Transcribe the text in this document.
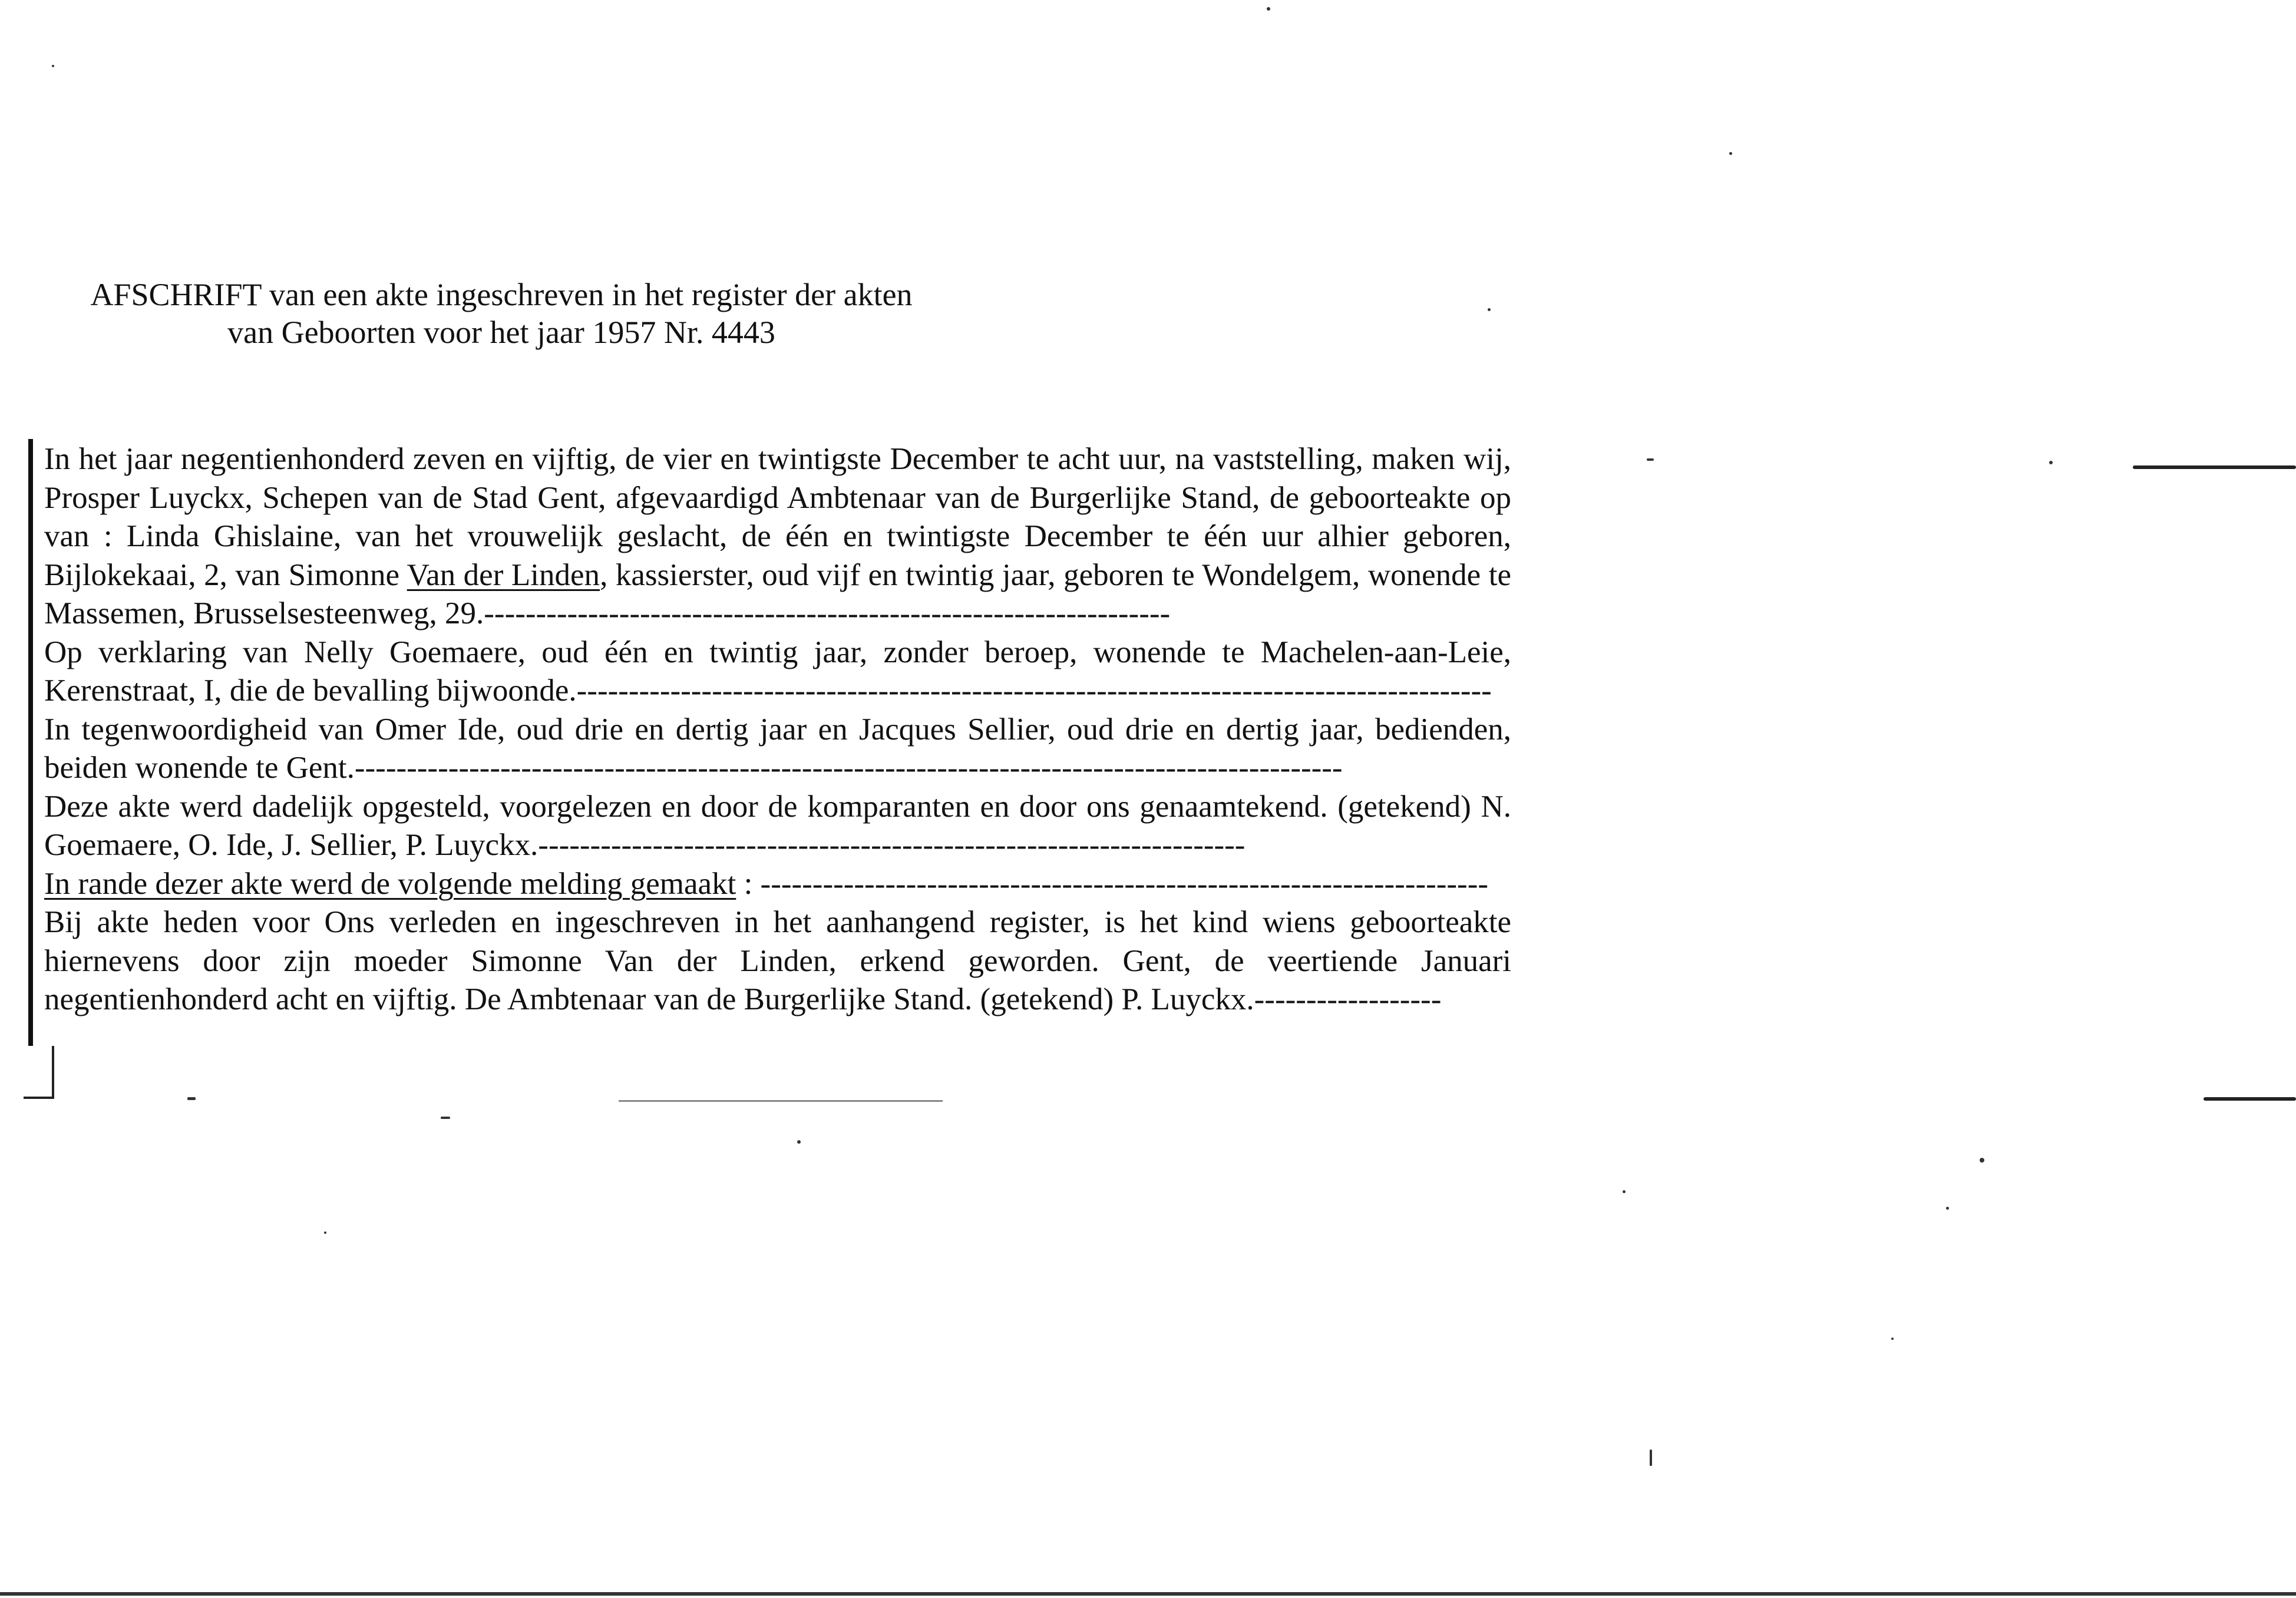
AFSCHRIFT van een akte ingeschreven in het register der akten
van Geboorten voor het jaar 1957 Nr. 4443

In het jaar negentienhonderd zeven en vijftig, de vier en twintigste December te acht uur, na vaststelling, maken wij, Prosper Luyckx, Schepen van de Stad Gent, afgevaardigd Ambtenaar van de Burgerlijke Stand, de geboorteakte op van : Linda Ghislaine, van het vrouwelijk geslacht, de één en twintigste December te één uur alhier geboren, Bijlokekaai, 2, van Simonne Van der Linden, kassierster, oud vijf en twintig jaar, geboren te Wondelgem, wonende te Massemen, Brusselsesteenweg, 29.------------------------------------------------------------------

Op verklaring van Nelly Goemaere, oud één en twintig jaar, zonder beroep, wonende te Machelen-aan-Leie, Kerenstraat, I, die de bevalling bijwoonde.----------------------------------------------------------------------------------------

In tegenwoordigheid van Omer Ide, oud drie en dertig jaar en Jacques Sellier, oud drie en dertig jaar, bedienden, beiden wonende te Gent.-----------------------------------------------------------------------------------------------

Deze akte werd dadelijk opgesteld, voorgelezen en door de komparanten en door ons genaamtekend. (getekend) N. Goemaere, O. Ide, J. Sellier, P. Luyckx.--------------------------------------------------------------------

In rande dezer akte werd de volgende melding gemaakt : ----------------------------------------------------------------------

Bij akte heden voor Ons verleden en ingeschreven in het aanhangend register, is het kind wiens geboorteakte hiernevens door zijn moeder Simonne Van der Linden, erkend geworden. Gent, de veertiende Januari negentienhonderd acht en vijftig. De Ambtenaar van de Burgerlijke Stand. (getekend) P. Luyckx.------------------
